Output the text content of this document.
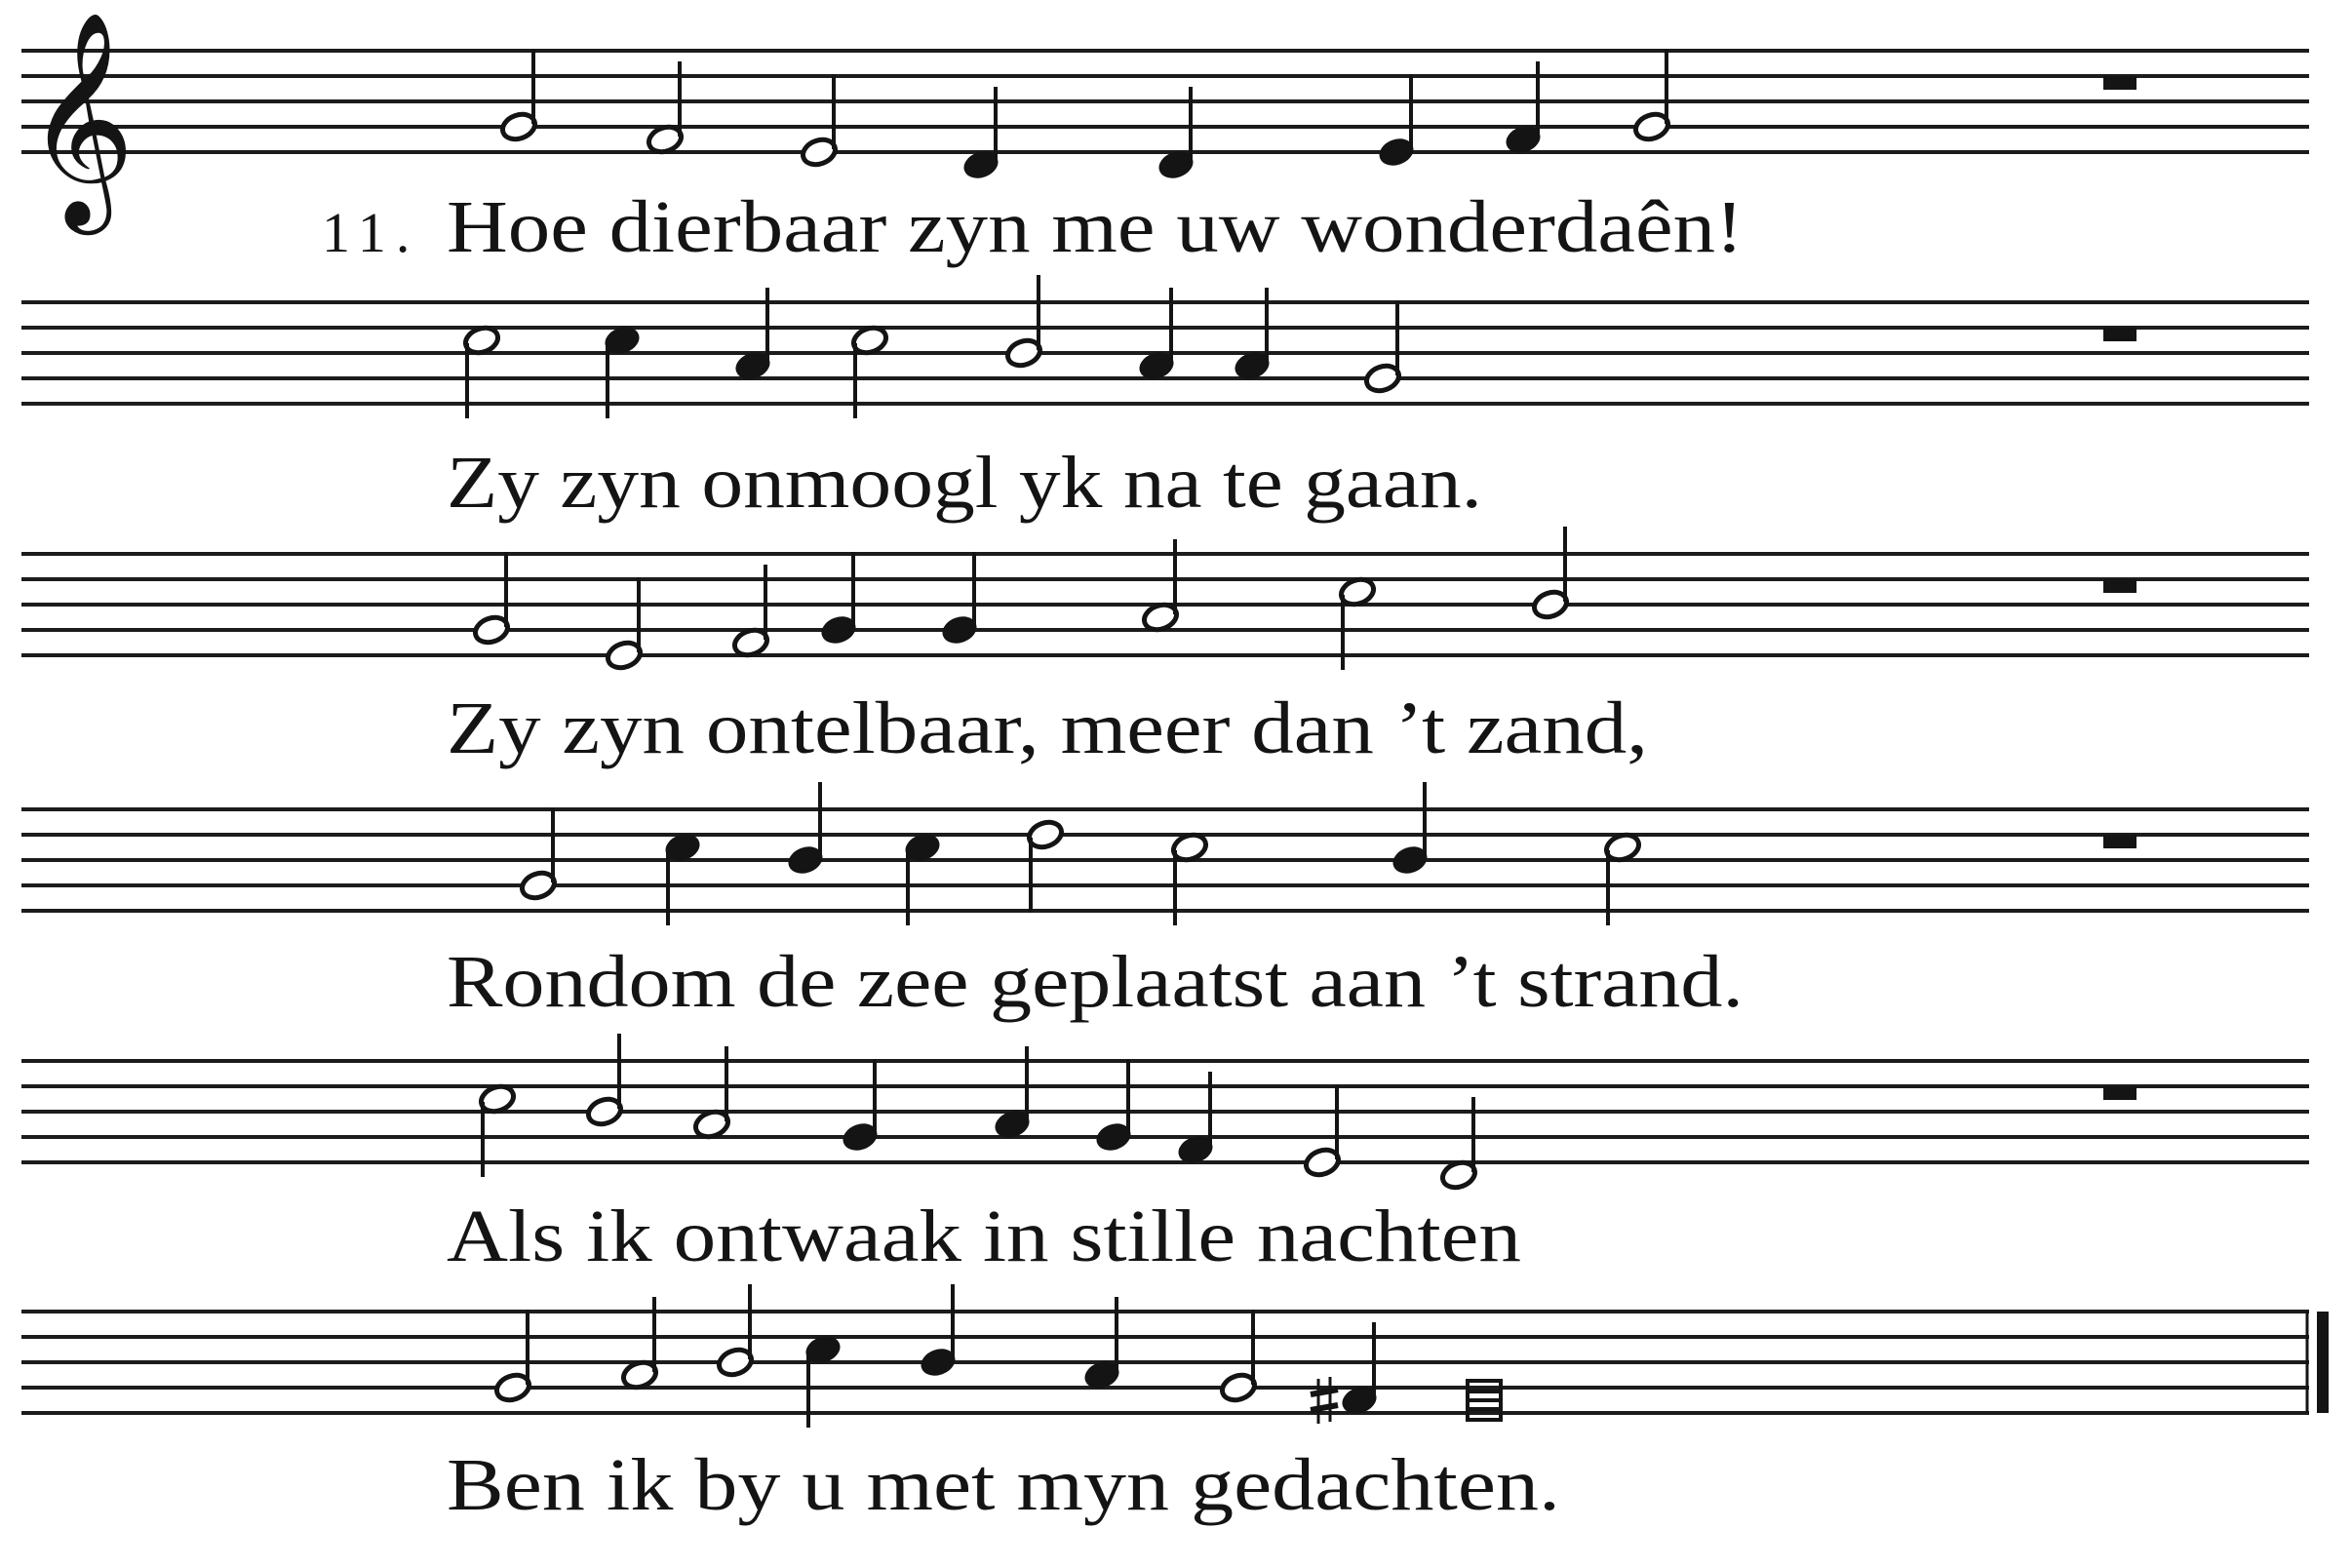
𝄞
11. Hoe dierbaar zyn me uw wonderdaên!
Zy zyn onmoogl yk na te gaan.
Zy zyn ontelbaar, meer dan ’t zand,
Rondom de zee geplaatst aan ’t strand.
Als ik ontwaak in stille nachten
Ben ik by u met myn gedachten.
